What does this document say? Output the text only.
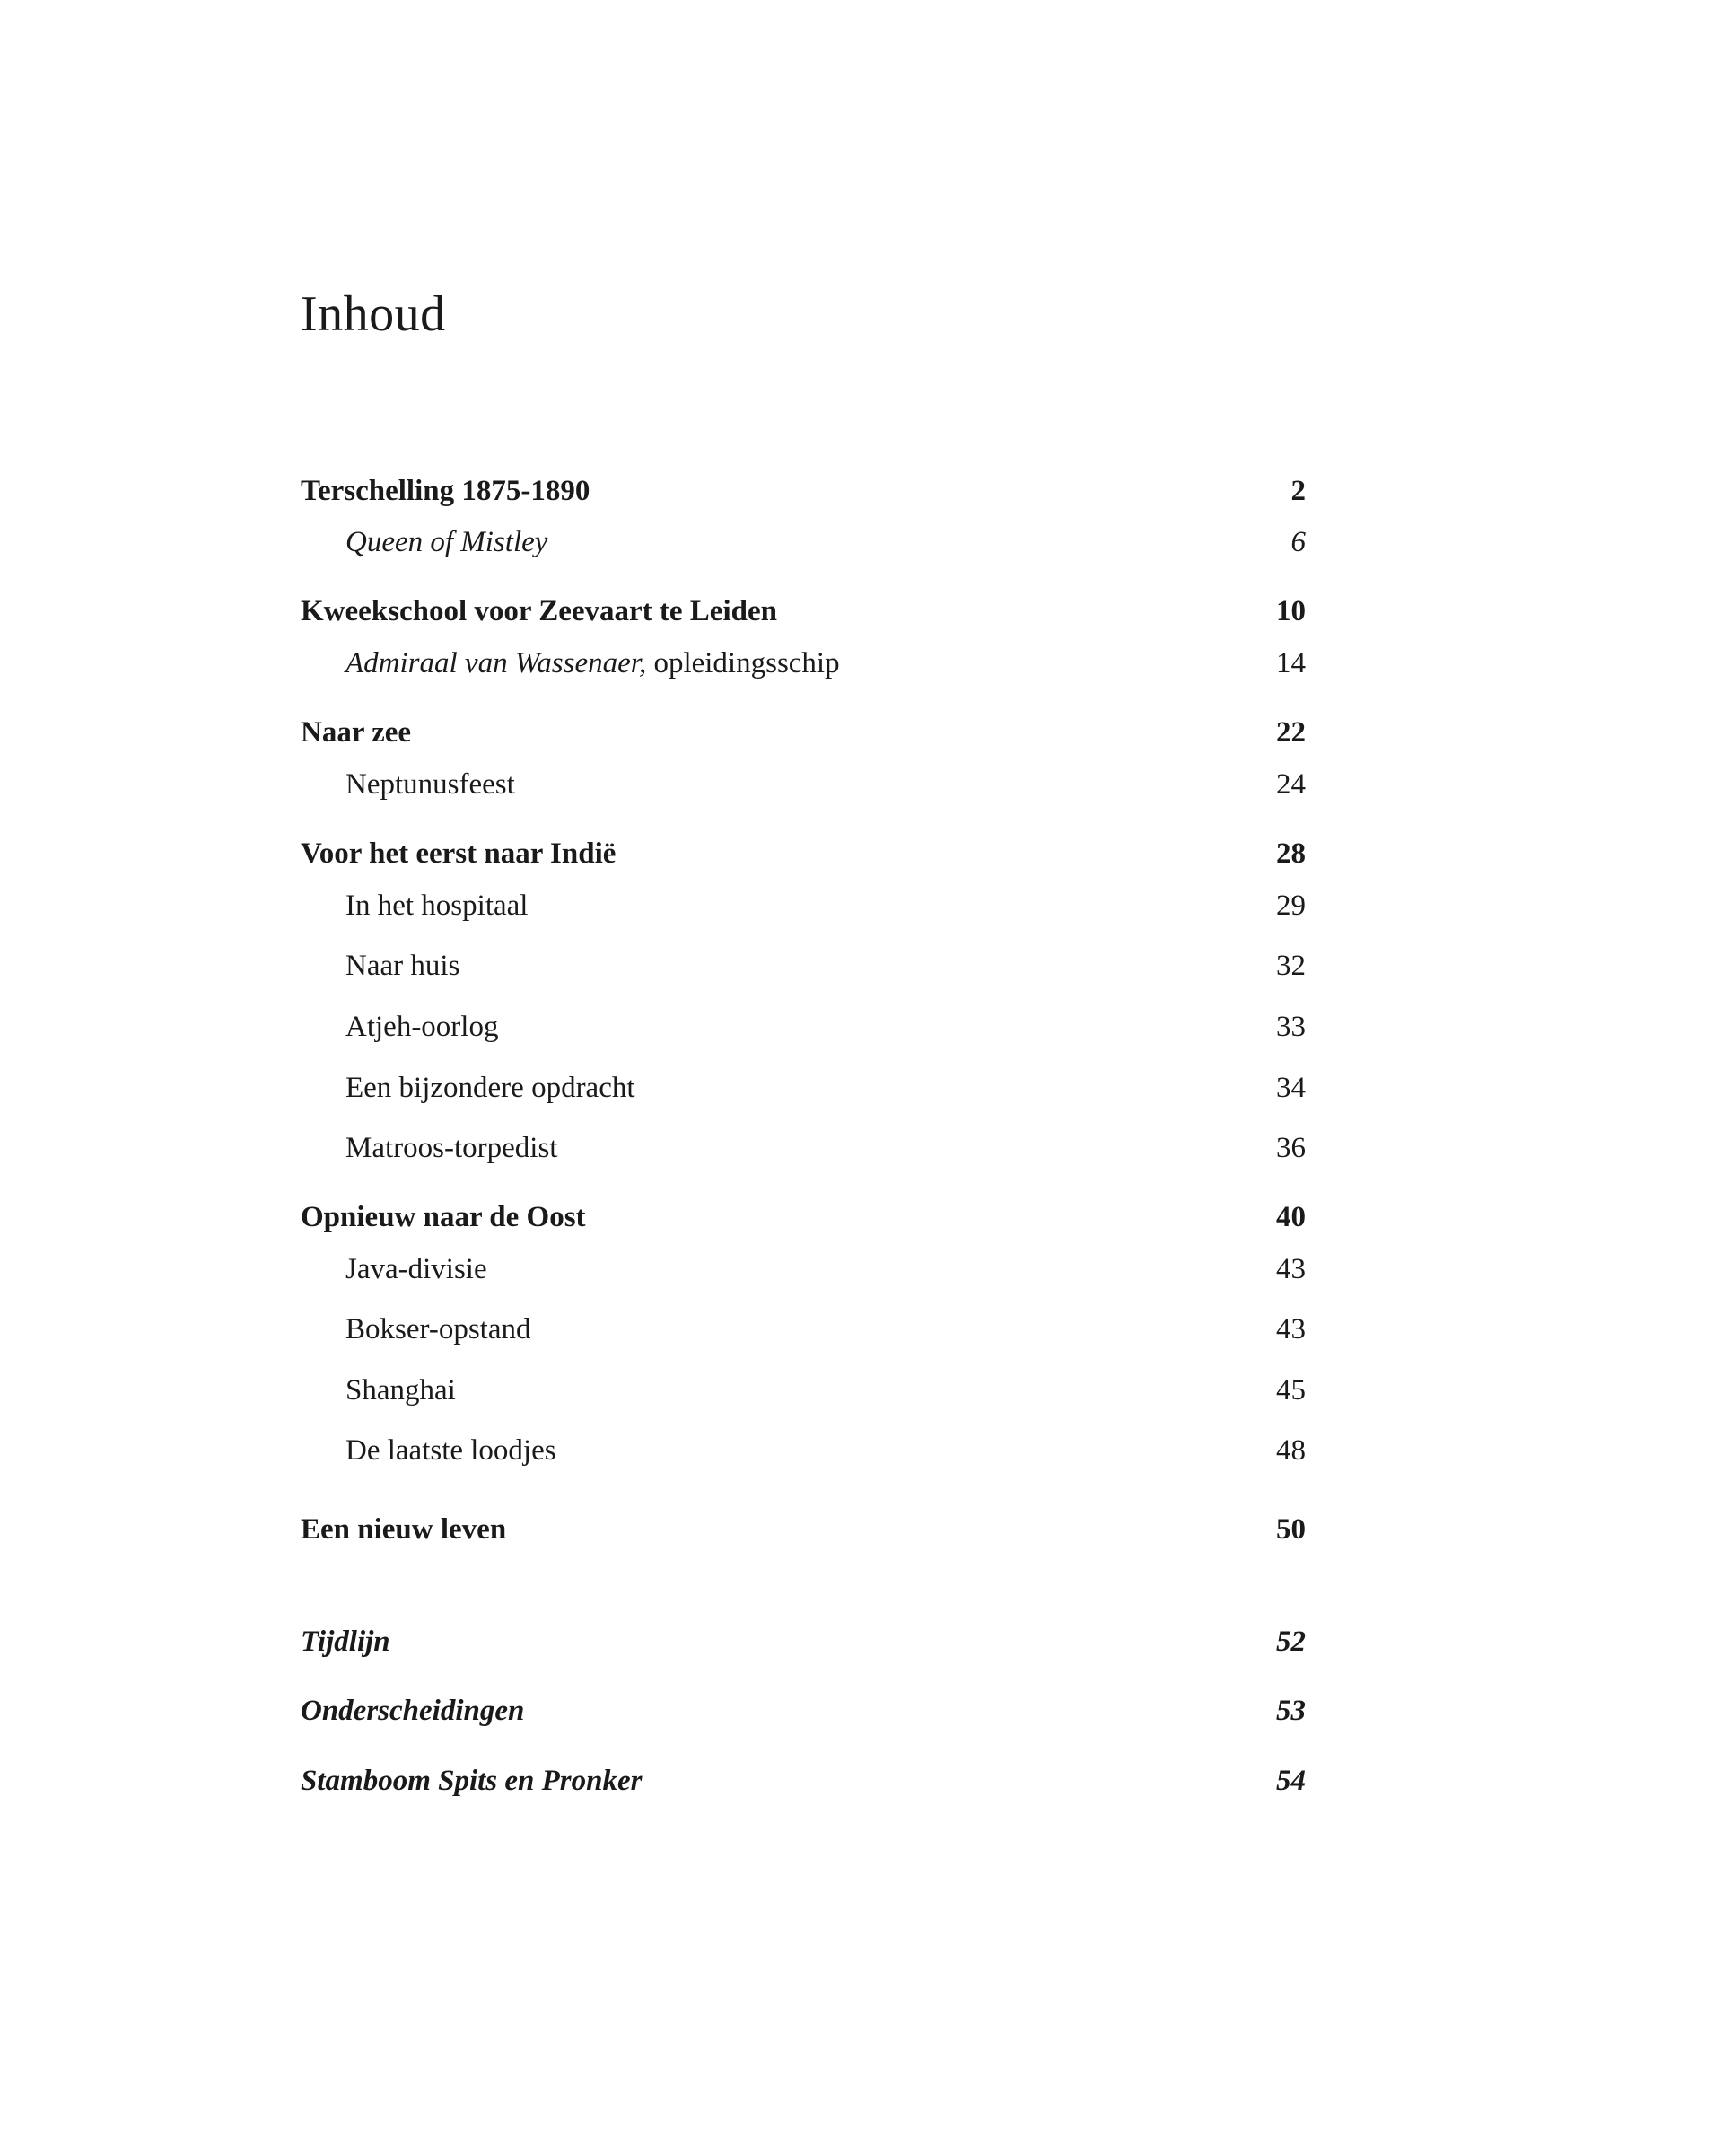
Inhoud
Terschelling 1875-1890	2
Queen of Mistley	6
Kweekschool voor Zeevaart te Leiden	10
Admiraal van Wassenaer, opleidingsschip	14
Naar zee	22
Neptunusfeest	24
Voor het eerst naar Indië	28
In het hospitaal	29
Naar huis	32
Atjeh-oorlog	33
Een bijzondere opdracht	34
Matroos-torpedist	36
Opnieuw naar de Oost	40
Java-divisie	43
Bokser-opstand	43
Shanghai	45
De laatste loodjes	48
Een nieuw leven	50
Tijdlijn	52
Onderscheidingen	53
Stamboom Spits en Pronker	54
